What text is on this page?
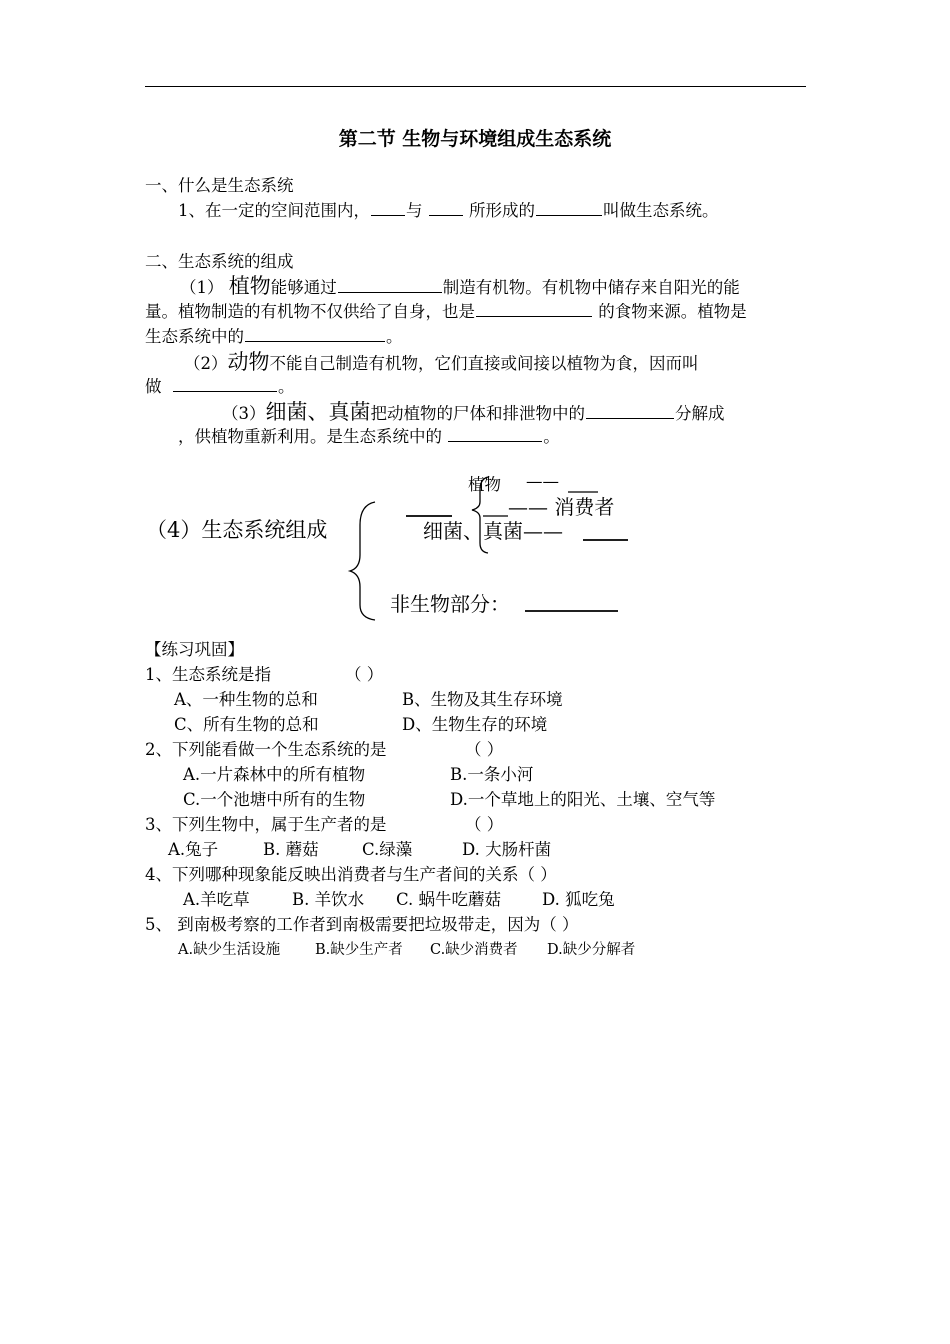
第二节 生物与环境组成生态系统
一、什么是生态系统
1、在一定的空间范围内， 与	所形成的	叫做生态系统。
二、生态系统的组成
（1） 植物能够通过	制造有机物。有机物中储存来自阳光的能
量。植物制造的有机物不仅供给了自身，也是	的食物来源。植物是
生态系统中的	。
（2）动物不能自己制造有机物，它们直接或间接以植物为食，因而叫
做	。
（3）细菌、真菌把动植物的尸体和排泄物中的	分解成
，供植物重新利用。是生态系统中的	。
（4）生态系统组成
植物 ——
—— 消费者
细菌、真菌——
非生物部分：
【练习巩固】
1、生态系统是指	（ ）
A、一种生物的总和	B、生物及其生存环境
C、所有生物的总和	D、生物生存的环境
2、下列能看做一个生态系统的是	（ ）
A.一片森林中的所有植物	B.一条小河
C.一个池塘中所有的生物	D.一个草地上的阳光、土壤、空气等
3、下列生物中，属于生产者的是	（ ）
A.兔子	B. 蘑菇	C.绿藻	D. 大肠杆菌
4、下列哪种现象能反映出消费者与生产者间的关系（ ）
A.羊吃草	B. 羊饮水 C. 蜗牛吃蘑菇 D. 狐吃兔
5、 到南极考察的工作者到南极需要把垃圾带走，因为（ ）
A.缺少生活设施 B.缺少生产者 C.缺少消费者 D.缺少分解者
